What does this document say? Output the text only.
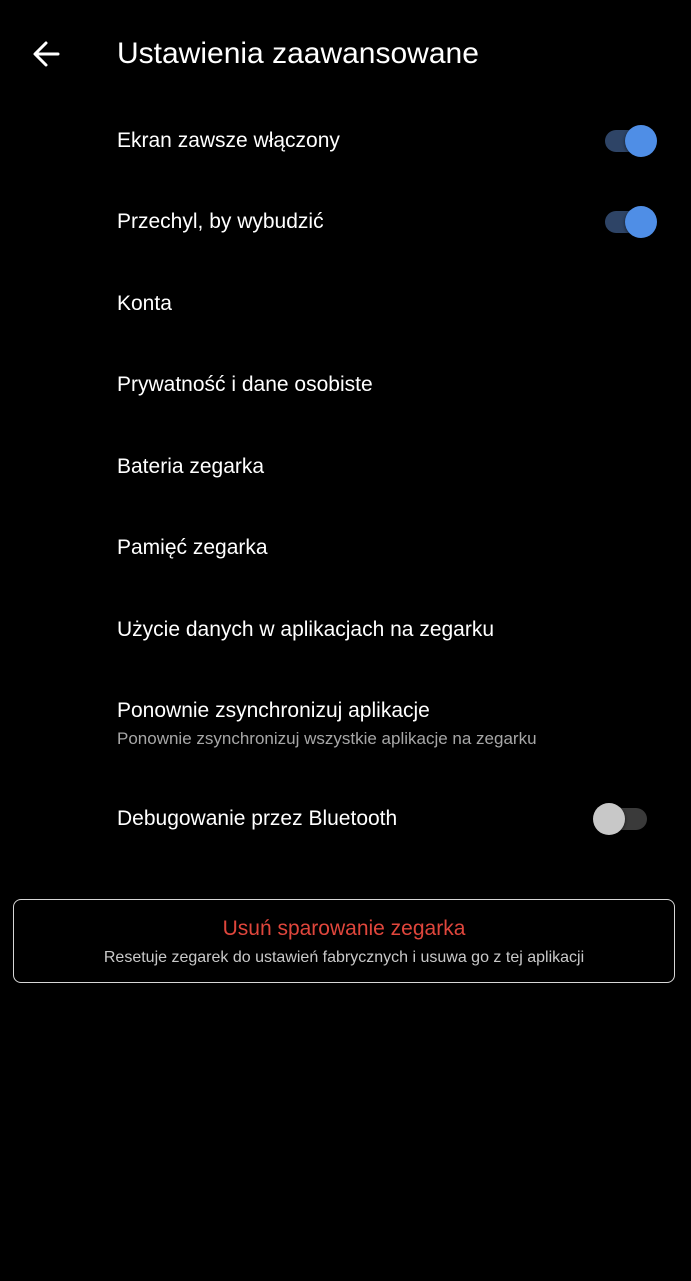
Ustawienia zaawansowane
Ekran zawsze włączony
Przechyl, by wybudzić
Konta
Prywatność i dane osobiste
Bateria zegarka
Pamięć zegarka
Użycie danych w aplikacjach na zegarku
Ponownie zsynchronizuj aplikacje
Ponownie zsynchronizuj wszystkie aplikacje na zegarku
Debugowanie przez Bluetooth
Usuń sparowanie zegarka
Resetuje zegarek do ustawień fabrycznych i usuwa go z tej aplikacji
